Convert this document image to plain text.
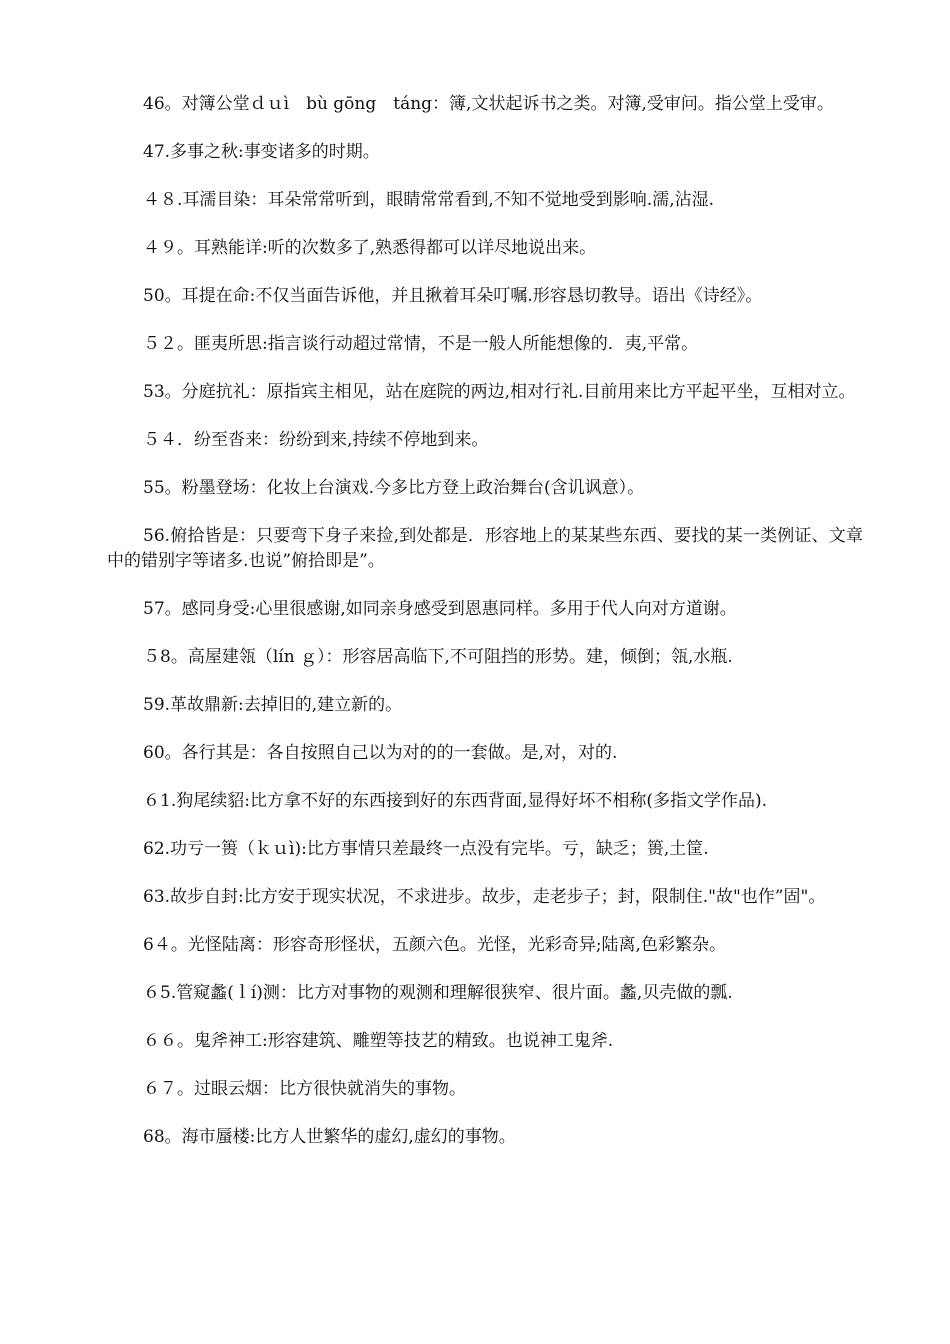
46。对簿公堂ｄｕì　bù gōng　táng：簿,文状起诉书之类。对簿,受审问。指公堂上受审。

47.多事之秋:事变诸多的时期。

４８.耳濡目染：耳朵常常听到，眼睛常常看到,不知不觉地受到影响.濡,沾湿.

４９。耳熟能详:听的次数多了,熟悉得都可以详尽地说出来。

50。耳提在命:不仅当面告诉他，并且揪着耳朵叮嘱.形容恳切教导。语出《诗经》。

５２。匪夷所思:指言谈行动超过常情，不是一般人所能想像的．夷,平常。

53。分庭抗礼：原指宾主相见，站在庭院的两边,相对行礼.目前用来比方平起平坐，互相对立。

５４．纷至沓来：纷纷到来,持续不停地到来。

55。粉墨登场：化妆上台演戏.今多比方登上政治舞台(含讥讽意）。

56.俯拾皆是：只要弯下身子来捡,到处都是．形容地上的某某些东西、要找的某一类例证、文章中的错别字等诸多.也说”俯拾即是”。

57。感同身受:心里很感谢,如同亲身感受到恩惠同样。多用于代人向对方道谢。

５8。高屋建瓴（lín ｇ）：形容居高临下,不可阻挡的形势。建，倾倒；瓴,水瓶.

59.革故鼎新:去掉旧的,建立新的。

60。各行其是：各自按照自己以为对的的一套做。是,对，对的.

６1.狗尾续貂:比方拿不好的东西接到好的东西背面,显得好坏不相称(多指文学作品).

62.功亏一篑（ｋｕì):比方事情只差最终一点没有完毕。亏，缺乏；篑,土筐.

63.故步自封:比方安于现实状况，不求进步。故步，走老步子；封，限制住."故"也作”固"。

6４。光怪陆离：形容奇形怪状，五颜六色。光怪，光彩奇异;陆离,色彩繁杂。

６5.管窥蠡(ｌí)测：比方对事物的观测和理解很狭窄、很片面。蠡,贝壳做的瓢.

６６。鬼斧神工:形容建筑、雕塑等技艺的精致。也说神工鬼斧.

６７。过眼云烟：比方很快就消失的事物。

68。海市蜃楼:比方人世繁华的虚幻,虚幻的事物。
